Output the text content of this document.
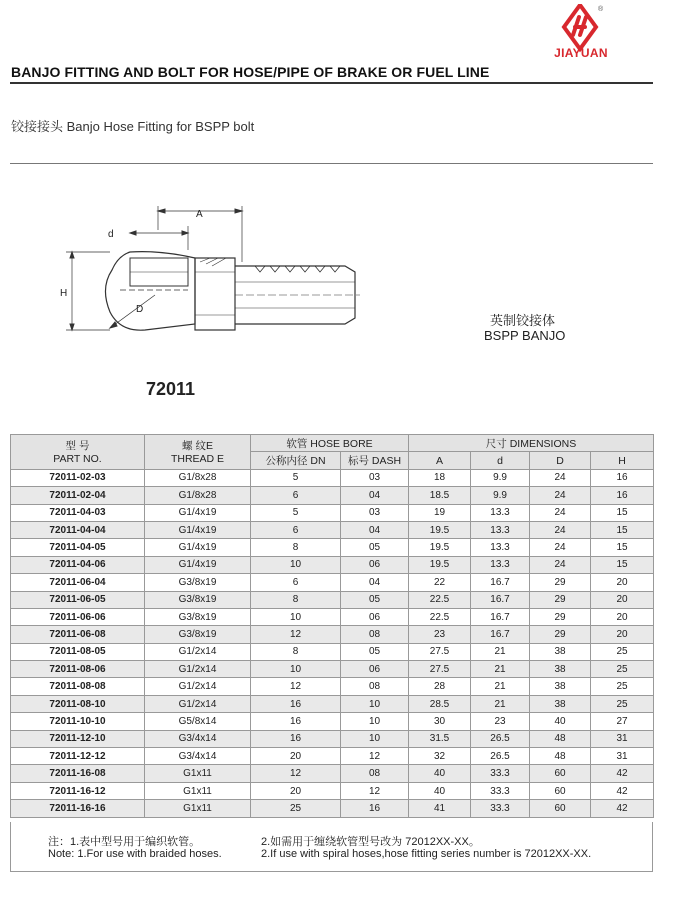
®
JIAYUAN
BANJO FITTING AND BOLT FOR HOSE/PIPE OF BRAKE OR FUEL LINE
铰接接头 Banjo Hose Fitting for BSPP bolt
A
d
H
D
英制铰接体
BSPP BANJO
72011
型 号
PART NO.	螺 纹E
THREAD E	软管 HOSE BORE		尺寸 DIMENSIONS			
		公称内径 DN	标号 DASH	A	d	D	H
72011-02-03	G1/8x28	5	03	18	9.9	24	16
72011-02-04	G1/8x28	6	04	18.5	9.9	24	16
72011-04-03	G1/4x19	5	03	19	13.3	24	15
72011-04-04	G1/4x19	6	04	19.5	13.3	24	15
72011-04-05	G1/4x19	8	05	19.5	13.3	24	15
72011-04-06	G1/4x19	10	06	19.5	13.3	24	15
72011-06-04	G3/8x19	6	04	22	16.7	29	20
72011-06-05	G3/8x19	8	05	22.5	16.7	29	20
72011-06-06	G3/8x19	10	06	22.5	16.7	29	20
72011-06-08	G3/8x19	12	08	23	16.7	29	20
72011-08-05	G1/2x14	8	05	27.5	21	38	25
72011-08-06	G1/2x14	10	06	27.5	21	38	25
72011-08-08	G1/2x14	12	08	28	21	38	25
72011-08-10	G1/2x14	16	10	28.5	21	38	25
72011-10-10	G5/8x14	16	10	30	23	40	27
72011-12-10	G3/4x14	16	10	31.5	26.5	48	31
72011-12-12	G3/4x14	20	12	32	26.5	48	31
72011-16-08	G1x11	12	08	40	33.3	60	42
72011-16-12	G1x11	20	12	40	33.3	60	42
72011-16-16	G1x11	25	16	41	33.3	60	42
注：1.表中型号用于编织软管。
Note: 1.For use with braided hoses.
2.如需用于缠绕软管型号改为 72012XX-XX。
2.If use with spiral hoses,hose fitting series number is 72012XX-XX.
